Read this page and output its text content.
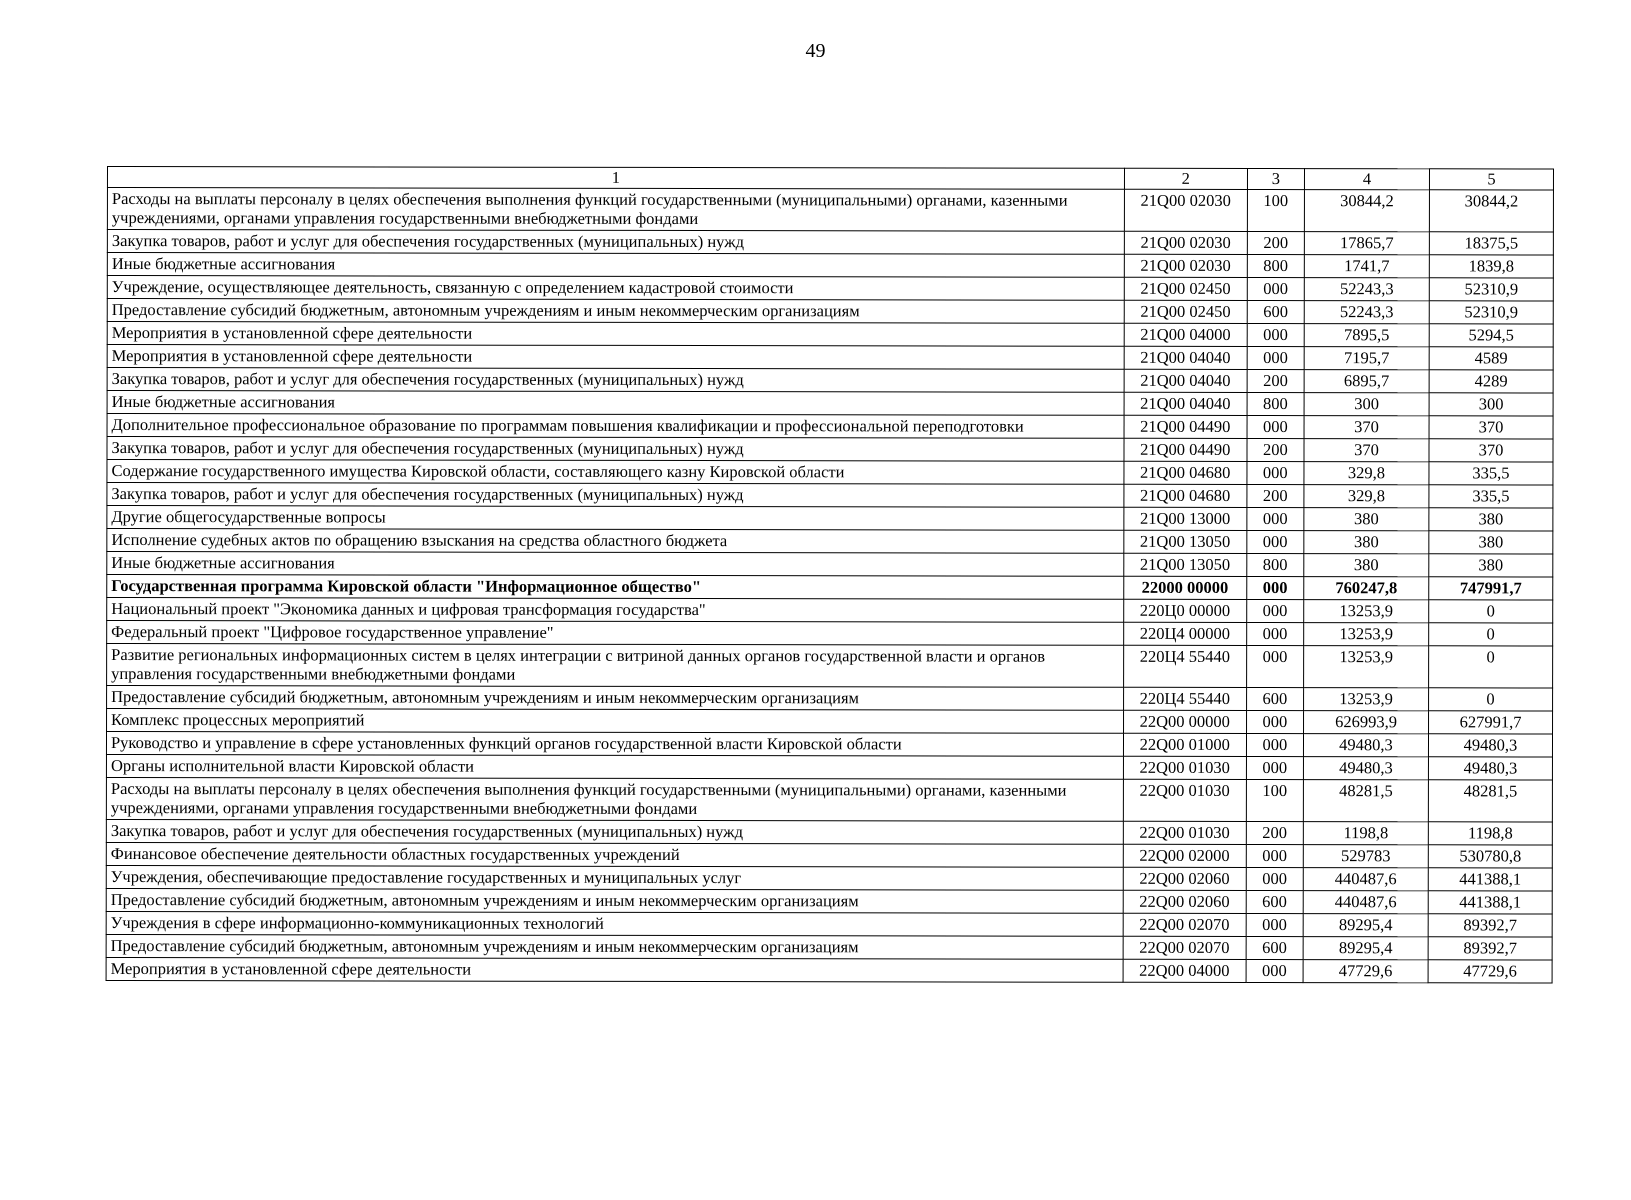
49
1	2	3	4	5
Расходы на выплаты персоналу в целях обеспечения выполнения функций государственными (муниципальными) органами, казенными учреждениями, органами управления государственными внебюджетными фондами	21Q00 02030	100	30844,2	30844,2
Закупка товаров, работ и услуг для обеспечения государственных (муниципальных) нужд	21Q00 02030	200	17865,7	18375,5
Иные бюджетные ассигнования	21Q00 02030	800	1741,7	1839,8
Учреждение, осуществляющее деятельность, связанную с определением кадастровой стоимости	21Q00 02450	000	52243,3	52310,9
Предоставление субсидий бюджетным, автономным учреждениям и иным некоммерческим организациям	21Q00 02450	600	52243,3	52310,9
Мероприятия в установленной сфере деятельности	21Q00 04000	000	7895,5	5294,5
Мероприятия в установленной сфере деятельности	21Q00 04040	000	7195,7	4589
Закупка товаров, работ и услуг для обеспечения государственных (муниципальных) нужд	21Q00 04040	200	6895,7	4289
Иные бюджетные ассигнования	21Q00 04040	800	300	300
Дополнительное профессиональное образование по программам повышения квалификации и профессиональной переподготовки	21Q00 04490	000	370	370
Закупка товаров, работ и услуг для обеспечения государственных (муниципальных) нужд	21Q00 04490	200	370	370
Содержание государственного имущества Кировской области, составляющего казну Кировской области	21Q00 04680	000	329,8	335,5
Закупка товаров, работ и услуг для обеспечения государственных (муниципальных) нужд	21Q00 04680	200	329,8	335,5
Другие общегосударственные вопросы	21Q00 13000	000	380	380
Исполнение судебных актов по обращению взыскания на средства областного бюджета	21Q00 13050	000	380	380
Иные бюджетные ассигнования	21Q00 13050	800	380	380
Государственная программа Кировской области "Информационное общество"	22000 00000	000	760247,8	747991,7
Национальный проект "Экономика данных и цифровая трансформация государства"	220Ц0 00000	000	13253,9	0
Федеральный проект "Цифровое государственное управление"	220Ц4 00000	000	13253,9	0
Развитие региональных информационных систем в целях интеграции с витриной данных органов государственной власти и органов управления государственными внебюджетными фондами	220Ц4 55440	000	13253,9	0
Предоставление субсидий бюджетным, автономным учреждениям и иным некоммерческим организациям	220Ц4 55440	600	13253,9	0
Комплекс процессных мероприятий	22Q00 00000	000	626993,9	627991,7
Руководство и управление в сфере установленных функций органов государственной власти Кировской области	22Q00 01000	000	49480,3	49480,3
Органы исполнительной власти Кировской области	22Q00 01030	000	49480,3	49480,3
Расходы на выплаты персоналу в целях обеспечения выполнения функций государственными (муниципальными) органами, казенными учреждениями, органами управления государственными внебюджетными фондами	22Q00 01030	100	48281,5	48281,5
Закупка товаров, работ и услуг для обеспечения государственных (муниципальных) нужд	22Q00 01030	200	1198,8	1198,8
Финансовое обеспечение деятельности областных государственных учреждений	22Q00 02000	000	529783	530780,8
Учреждения, обеспечивающие предоставление государственных и муниципальных услуг	22Q00 02060	000	440487,6	441388,1
Предоставление субсидий бюджетным, автономным учреждениям и иным некоммерческим организациям	22Q00 02060	600	440487,6	441388,1
Учреждения в сфере информационно-коммуникационных технологий	22Q00 02070	000	89295,4	89392,7
Предоставление субсидий бюджетным, автономным учреждениям и иным некоммерческим организациям	22Q00 02070	600	89295,4	89392,7
Мероприятия в установленной сфере деятельности	22Q00 04000	000	47729,6	47729,6
